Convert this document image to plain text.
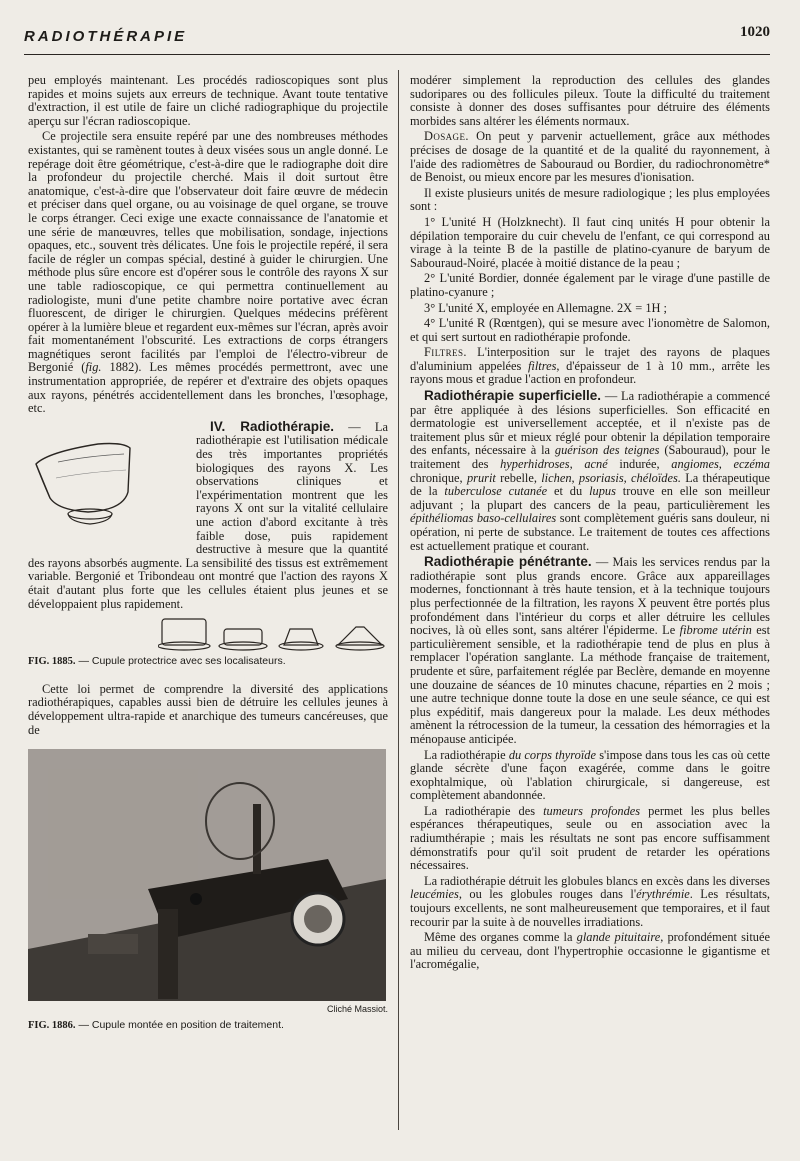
RADIOTHÉRAPIE	1020

peu employés maintenant. Les procédés radioscopiques sont plus rapides et moins sujets aux erreurs de technique. Avant toute tentative d'extraction, il est utile de faire un cliché radiographique du projectile aperçu sur l'écran radioscopique.

Ce projectile sera ensuite repéré par une des nombreuses méthodes existantes, qui se ramènent toutes à deux visées sous un angle donné. Le repérage doit être géométrique, c'est-à-dire que le radiographe doit dire la profondeur du projectile cherché. Mais il doit surtout être anatomique, c'est-à-dire que l'observateur doit faire œuvre de médecin et préciser dans quel organe, ou au voisinage de quel organe, se trouve le corps étranger. Ceci exige une exacte connaissance de l'anatomie et une série de manœuvres, telles que mobilisation, sondage, injections opaques, etc., souvent très délicates. Une fois le projectile repéré, il sera facile de régler un compas spécial, destiné à guider le chirurgien. Une méthode plus sûre encore est d'opérer sous le contrôle des rayons X sur une table radioscopique, ce qui permettra continuellement au radiologiste, muni d'une petite chambre noire portative avec écran fluorescent, de diriger le chirurgien. Quelques médecins préfèrent opérer à la lumière bleue et regardent eux-mêmes sur l'écran, après avoir fait momentanément l'obscurité. Les extractions de corps étrangers magnétiques seront facilités par l'emploi de l'électro-vibreur de Bergonié (fig. 1882). Les mêmes procédés permettront, avec une instrumentation appropriée, de repérer et d'extraire des objets opaques aux rayons, pénétrés accidentellement dans les bronches, l'œsophage, etc.

IV. Radiothérapie. — La radiothérapie est l'utilisation médicale des très importantes propriétés biologiques des rayons X. Les observations cliniques et l'expérimentation montrent que les rayons X ont sur la vitalité cellulaire une action d'abord excitante à très faible dose, puis rapidement destructive à mesure que la quantité des rayons absorbés augmente. La sensibilité des tissus est extrêmement variable. Bergonié et Tribondeau ont montré que l'action des rayons X était d'autant plus forte que les cellules étaient plus jeunes et se développaient plus rapidement.

FIG. 1885. — Cupule protectrice avec ses localisateurs.

Cette loi permet de comprendre la diversité des applications radiothérapiques, capables aussi bien de détruire les cellules jeunes à développement ultra-rapide et anarchique des tumeurs cancéreuses, que de

Cliché Massiot.

FIG. 1886. — Cupule montée en position de traitement.

modérer simplement la reproduction des cellules des glandes sudoripares ou des follicules pileux. Toute la difficulté du traitement consiste à donner des doses suffisantes pour détruire des éléments morbides sans altérer les éléments normaux.

Dosage. On peut y parvenir actuellement, grâce aux méthodes précises de dosage de la quantité et de la qualité du rayonnement, à l'aide des radiomètres de Sabouraud ou Bordier, du radiochronomètre* de Benoist, ou mieux encore par les mesures d'ionisation.

Il existe plusieurs unités de mesure radiologique ; les plus employées sont :

1° L'unité H (Holzknecht). Il faut cinq unités H pour obtenir la dépilation temporaire du cuir chevelu de l'enfant, ce qui correspond au virage à la teinte B de la pastille de platino-cyanure de baryum de Sabouraud-Noiré, placée à moitié distance de la peau ;

2° L'unité Bordier, donnée également par le virage d'une pastille de platino-cyanure ;

3° L'unité X, employée en Allemagne. 2X = 1H ;

4° L'unité R (Rœntgen), qui se mesure avec l'ionomètre de Salomon, et qui sert surtout en radiothérapie profonde.

Filtres. L'interposition sur le trajet des rayons de plaques d'aluminium appelées filtres, d'épaisseur de 1 à 10 mm., arrête les rayons mous et gradue l'action en profondeur.

Radiothérapie superficielle. — La radiothérapie a commencé par être appliquée à des lésions superficielles. Son efficacité en dermatologie est universellement acceptée, et il n'existe pas de traitement plus sûr et mieux réglé pour obtenir la dépilation temporaire des enfants, nécessaire à la guérison des teignes (Sabouraud), pour le traitement des hyperhidroses, acné indurée, angiomes, eczéma chronique, prurit rebelle, lichen, psoriasis, chéloïdes. La thérapeutique de la tuberculose cutanée et du lupus trouve en elle son meilleur adjuvant ; la plupart des cancers de la peau, particulièrement les épithéliomas baso-cellulaires sont complètement guéris sans douleur, ni opération, ni perte de substance. Le traitement de toutes ces affections est actuellement pratique et courant.

Radiothérapie pénétrante. — Mais les services rendus par la radiothérapie sont plus grands encore. Grâce aux appareillages modernes, fonctionnant à très haute tension, et à la technique toujours plus perfectionnée de la filtration, les rayons X peuvent être portés plus profondément dans l'intérieur du corps et aller détruire les cellules nocives, là où elles sont, sans altérer l'épiderme. Le fibrome utérin est particulièrement sensible, et la radiothérapie tend de plus en plus à remplacer l'opération sanglante. La méthode française de traitement, prudente et sûre, parfaitement réglée par Beclère, demande en moyenne une douzaine de séances de 10 minutes chacune, réparties en 2 mois ; une autre technique donne toute la dose en une seule séance, ce qui est plus expéditif, mais dangereux pour la malade. Les deux méthodes amènent la rétrocession de la tumeur, la cessation des hémorragies et la ménopause anticipée.

La radiothérapie du corps thyroïde s'impose dans tous les cas où cette glande sécrète d'une façon exagérée, comme dans le goitre exophtalmique, où l'ablation chirurgicale, si dangereuse, est complètement abandonnée.

La radiothérapie des tumeurs profondes permet les plus belles espérances thérapeutiques, seule ou en association avec la radiumthérapie ; mais les résultats ne sont pas encore suffisamment démonstratifs pour qu'il soit prudent de retarder les opérations nécessaires.

La radiothérapie détruit les globules blancs en excès dans les diverses leucémies, ou les globules rouges dans l'érythrémie. Les résultats, toujours excellents, ne sont malheureusement que temporaires, et il faut recourir par la suite à de nouvelles irradiations.

Même des organes comme la glande pituitaire, profondément située au milieu du cerveau, dont l'hypertrophie occasionne le gigantisme et l'acromégalie,
